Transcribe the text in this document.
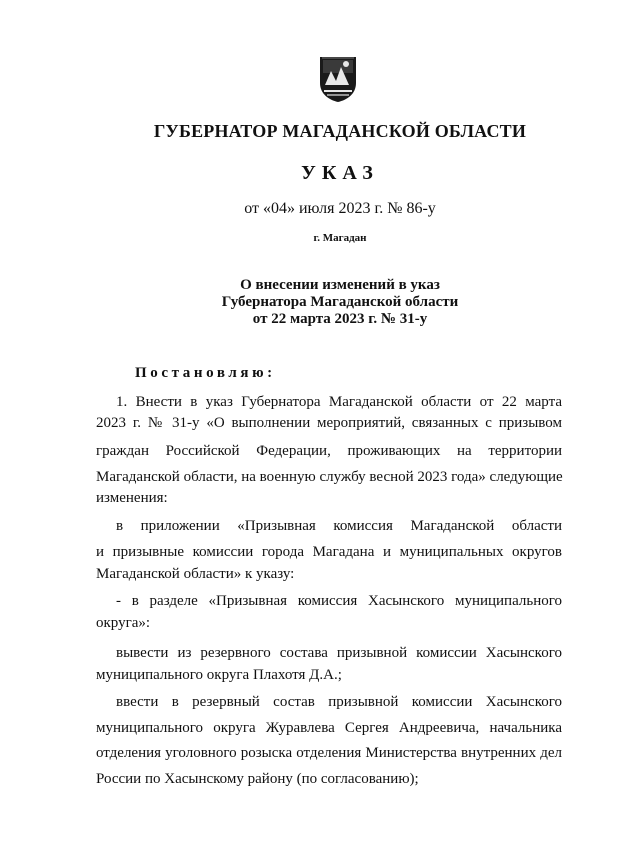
ГУБЕРНАТОР МАГАДАНСКОЙ ОБЛАСТИ
УКАЗ
от «04» июля 2023 г. № 86-у
г. Магадан
О внесении изменений в указ
Губернатора Магаданской области
от 22 марта 2023 г. № 31-у
Постановляю:
1. Внести в указ Губернатора Магаданской области от 22 марта
2023 г. № 31-у «О выполнении мероприятий, связанных с призывом
граждан Российской Федерации, проживающих на территории
Магаданской области, на военную службу весной 2023 года» следующие
изменения:
в приложении «Призывная комиссия Магаданской области
и призывные комиссии города Магадана и муниципальных округов
Магаданской области» к указу:
- в разделе «Призывная комиссия Хасынского муниципального
округа»:
вывести из резервного состава призывной комиссии Хасынского
муниципального округа Плахотя Д.А.;
ввести в резервный состав призывной комиссии Хасынского
муниципального округа Журавлева Сергея Андреевича, начальника
отделения уголовного розыска отделения Министерства внутренних дел
России по Хасынскому району (по согласованию);
